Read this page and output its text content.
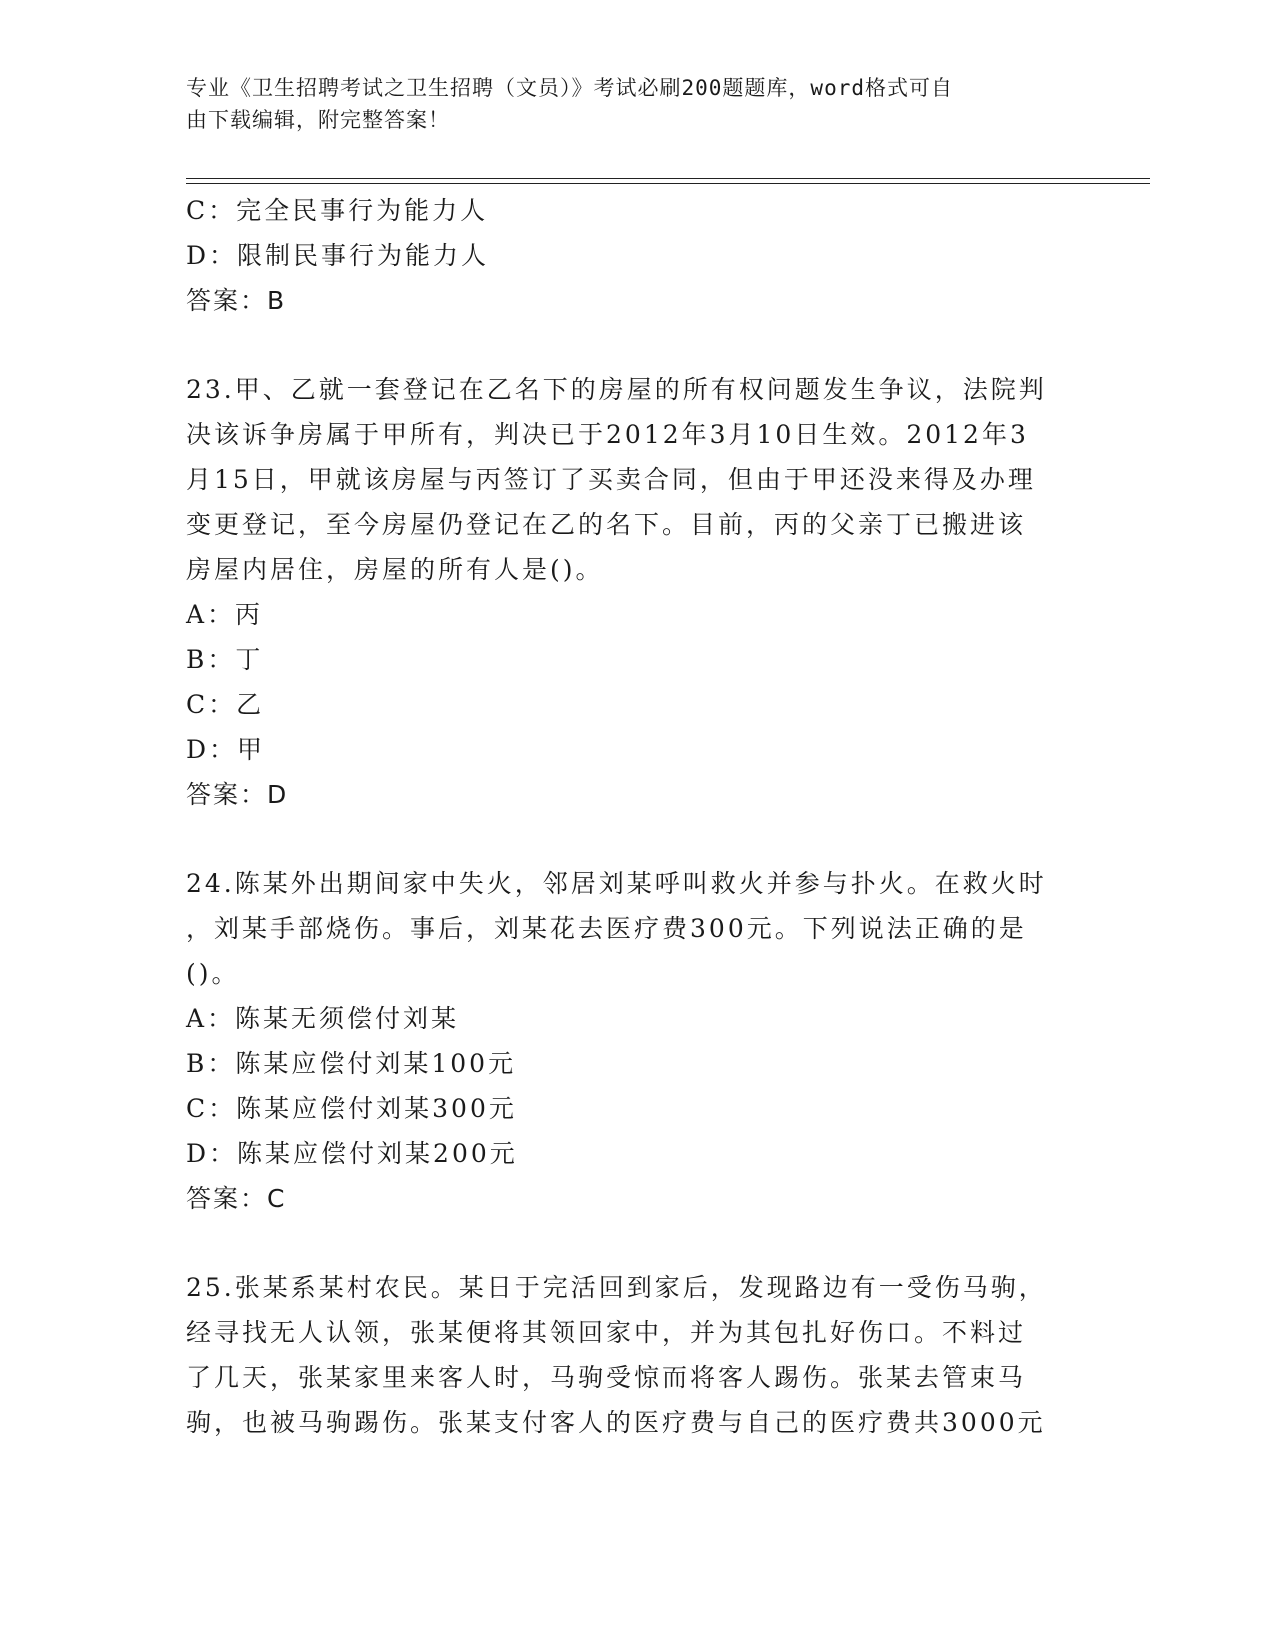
专业《卫生招聘考试之卫生招聘（文员）》考试必刷200题题库，word格式可自
由下载编辑，附完整答案！
C：完全民事行为能力人
D：限制民事行为能力人
答案：B
23.甲、乙就一套登记在乙名下的房屋的所有权问题发生争议，法院判
决该诉争房属于甲所有，判决已于2012年3月10日生效。2012年3
月15日，甲就该房屋与丙签订了买卖合同，但由于甲还没来得及办理
变更登记，至今房屋仍登记在乙的名下。目前，丙的父亲丁已搬进该
房屋内居住，房屋的所有人是()。
A：丙
B：丁
C：乙
D：甲
答案：D
24.陈某外出期间家中失火，邻居刘某呼叫救火并参与扑火。在救火时
，刘某手部烧伤。事后，刘某花去医疗费300元。下列说法正确的是
()。
A：陈某无须偿付刘某
B：陈某应偿付刘某100元
C：陈某应偿付刘某300元
D：陈某应偿付刘某200元
答案：C
25.张某系某村农民。某日于完活回到家后，发现路边有一受伤马驹，
经寻找无人认领，张某便将其领回家中，并为其包扎好伤口。不料过
了几天，张某家里来客人时，马驹受惊而将客人踢伤。张某去管束马
驹，也被马驹踢伤。张某支付客人的医疗费与自己的医疗费共3000元
